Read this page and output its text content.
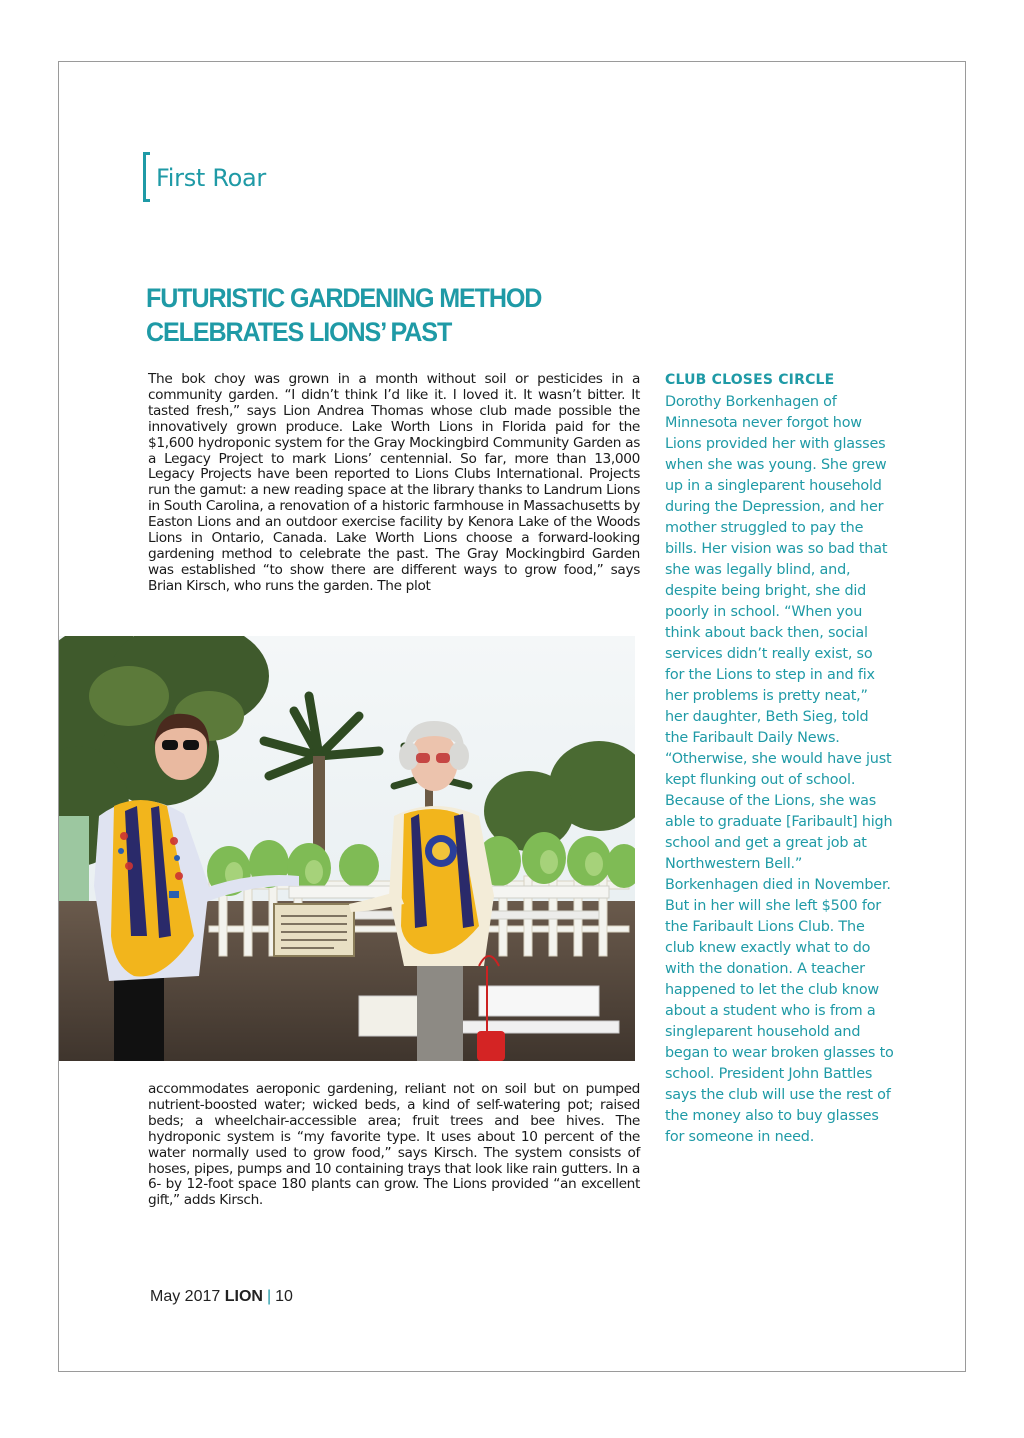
First Roar
FUTURISTIC GARDENING METHOD
CELEBRATES LIONS’ PAST

The bok choy was grown in a month without soil or pesticides in a community garden. “I didn’t think I’d like it. I loved it. It wasn’t bitter. It tasted fresh,” says Lion Andrea Thomas whose club made possible the innovatively grown produce. Lake Worth Lions in Florida paid for the $1,600 hydroponic system for the Gray Mockingbird Community Garden as a Legacy Project to mark Lions’ centennial. So far, more than 13,000 Legacy Projects have been reported to Lions Clubs International. Projects run the gamut: a new reading space at the library thanks to Landrum Lions in South Carolina, a renovation of a historic farmhouse in Massachusetts by Easton Lions and an outdoor exercise facility by Kenora Lake of the Woods Lions in Ontario, Canada. Lake Worth Lions choose a forward-looking gardening method to celebrate the past. The Gray Mockingbird Garden was established “to show there are different ways to grow food,” says Brian Kirsch, who runs the garden. The plot

accommodates aeroponic gardening, reliant not on soil but on pumped nutrient-boosted water; wicked beds, a kind of self-watering pot; raised beds; a wheelchair-accessible area; fruit trees and bee hives. The hydroponic system is “my favorite type. It uses about 10 percent of the water normally used to grow food,” says Kirsch. The system consists of hoses, pipes, pumps and 10 containing trays that look like rain gutters. In a 6- by 12-foot space 180 plants can grow. The Lions provided “an excellent gift,” adds Kirsch.

CLUB CLOSES CIRCLE

Dorothy Borkenhagen of Minnesota never forgot how Lions provided her with glasses when she was young. She grew up in a singleparent household during the Depression, and her mother struggled to pay the bills. Her vision was so bad that she was legally blind, and, despite being bright, she did poorly in school. “When you think about back then, social services didn’t really exist, so for the Lions to step in and fix her problems is pretty neat,” her daughter, Beth Sieg, told the Faribault Daily News. “Otherwise, she would have just kept flunking out of school. Because of the Lions, she was able to graduate [Faribault] high school and get a great job at Northwestern Bell.” Borkenhagen died in November. But in her will she left $500 for the Faribault Lions Club. The club knew exactly what to do with the donation. A teacher happened to let the club know about a student who is from a singleparent household and began to wear broken glasses to school. President John Battles says the club will use the rest of the money also to buy glasses for someone in need.

May 2017 LION | 10
